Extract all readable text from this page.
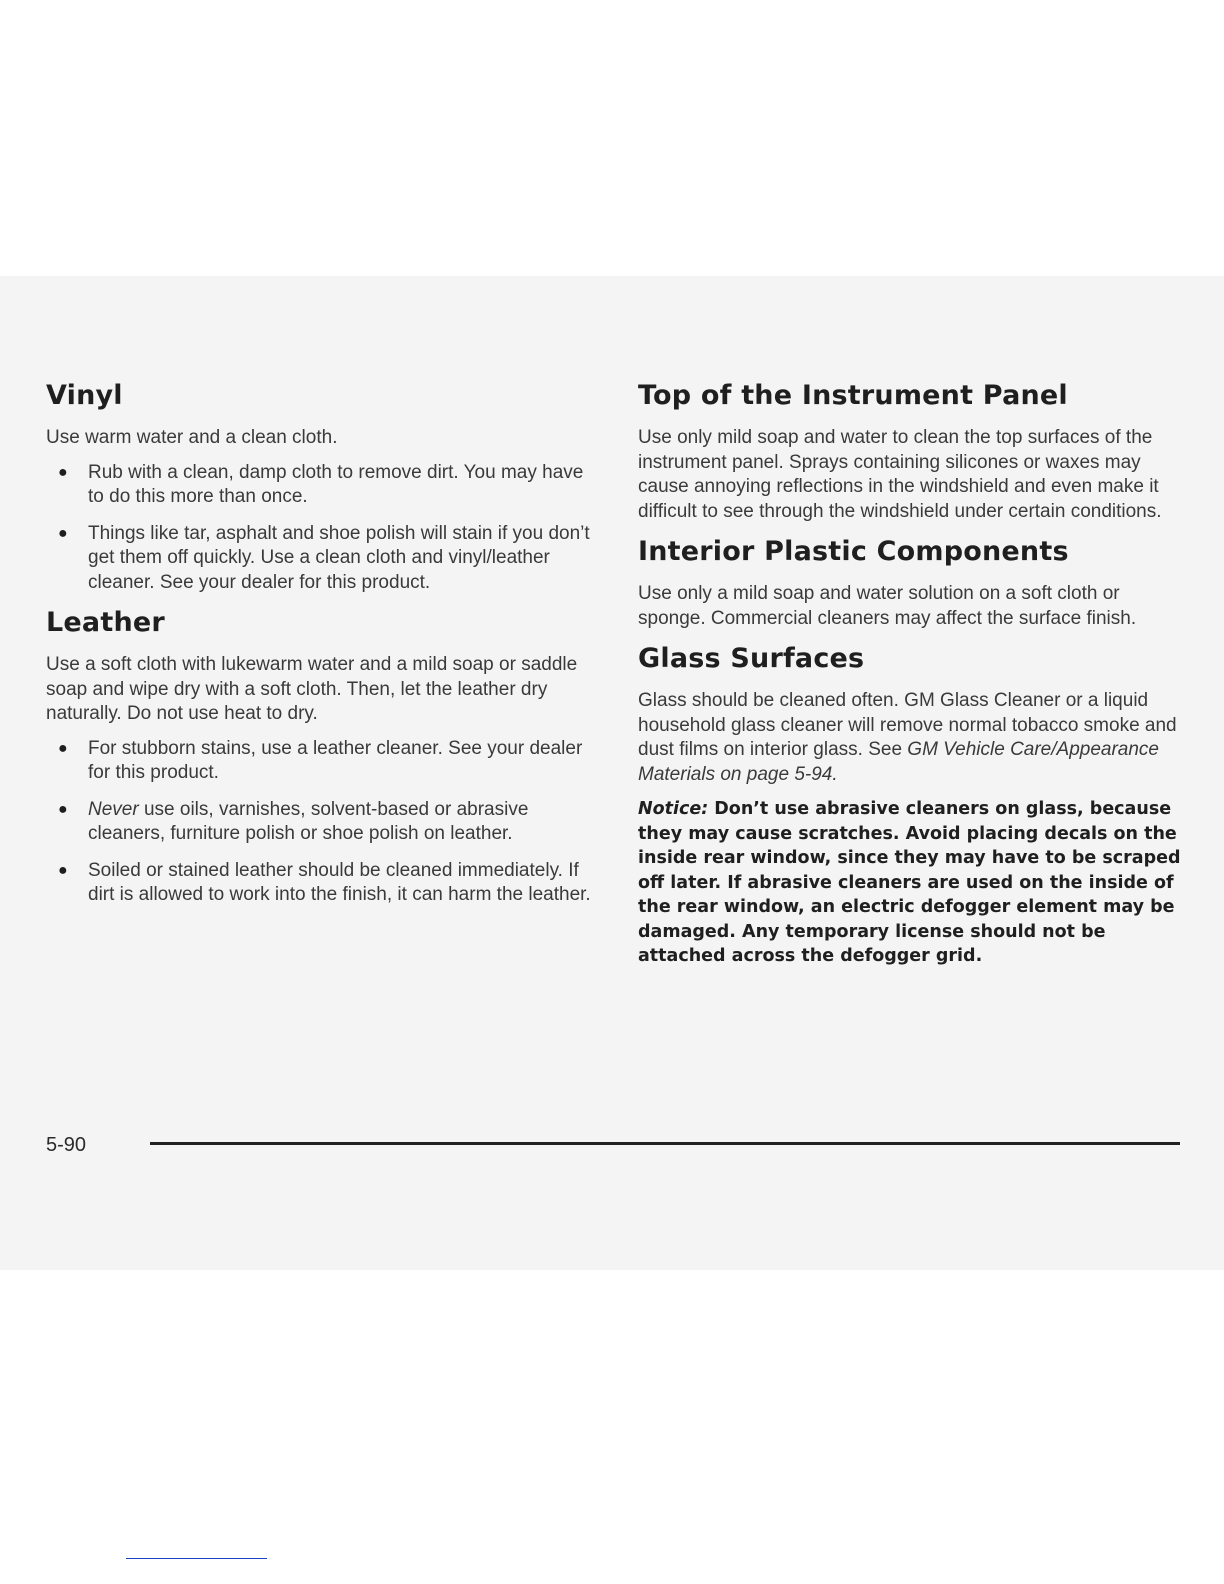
Vinyl

Use warm water and a clean cloth.

● Rub with a clean, damp cloth to remove dirt. You may have to do this more than once.
● Things like tar, asphalt and shoe polish will stain if you don’t get them off quickly. Use a clean cloth and vinyl/leather cleaner. See your dealer for this product.
Leather

Use a soft cloth with lukewarm water and a mild soap or saddle soap and wipe dry with a soft cloth. Then, let the leather dry naturally. Do not use heat to dry.

● For stubborn stains, use a leather cleaner. See your dealer for this product.
● Never use oils, varnishes, solvent-based or abrasive cleaners, furniture polish or shoe polish on leather.
● Soiled or stained leather should be cleaned immediately. If dirt is allowed to work into the finish, it can harm the leather.
Top of the Instrument Panel

Use only mild soap and water to clean the top surfaces of the instrument panel. Sprays containing silicones or waxes may cause annoying reflections in the windshield and even make it difficult to see through the windshield under certain conditions.

Interior Plastic Components

Use only a mild soap and water solution on a soft cloth or sponge. Commercial cleaners may affect the surface finish.

Glass Surfaces

Glass should be cleaned often. GM Glass Cleaner or a liquid household glass cleaner will remove normal tobacco smoke and dust films on interior glass. See GM Vehicle Care/Appearance Materials on page 5-94.

Notice: Don’t use abrasive cleaners on glass, because they may cause scratches. Avoid placing decals on the inside rear window, since they may have to be scraped off later. If abrasive cleaners are used on the inside of the rear window, an electric defogger element may be damaged. Any temporary license should not be attached across the defogger grid.

5-90
